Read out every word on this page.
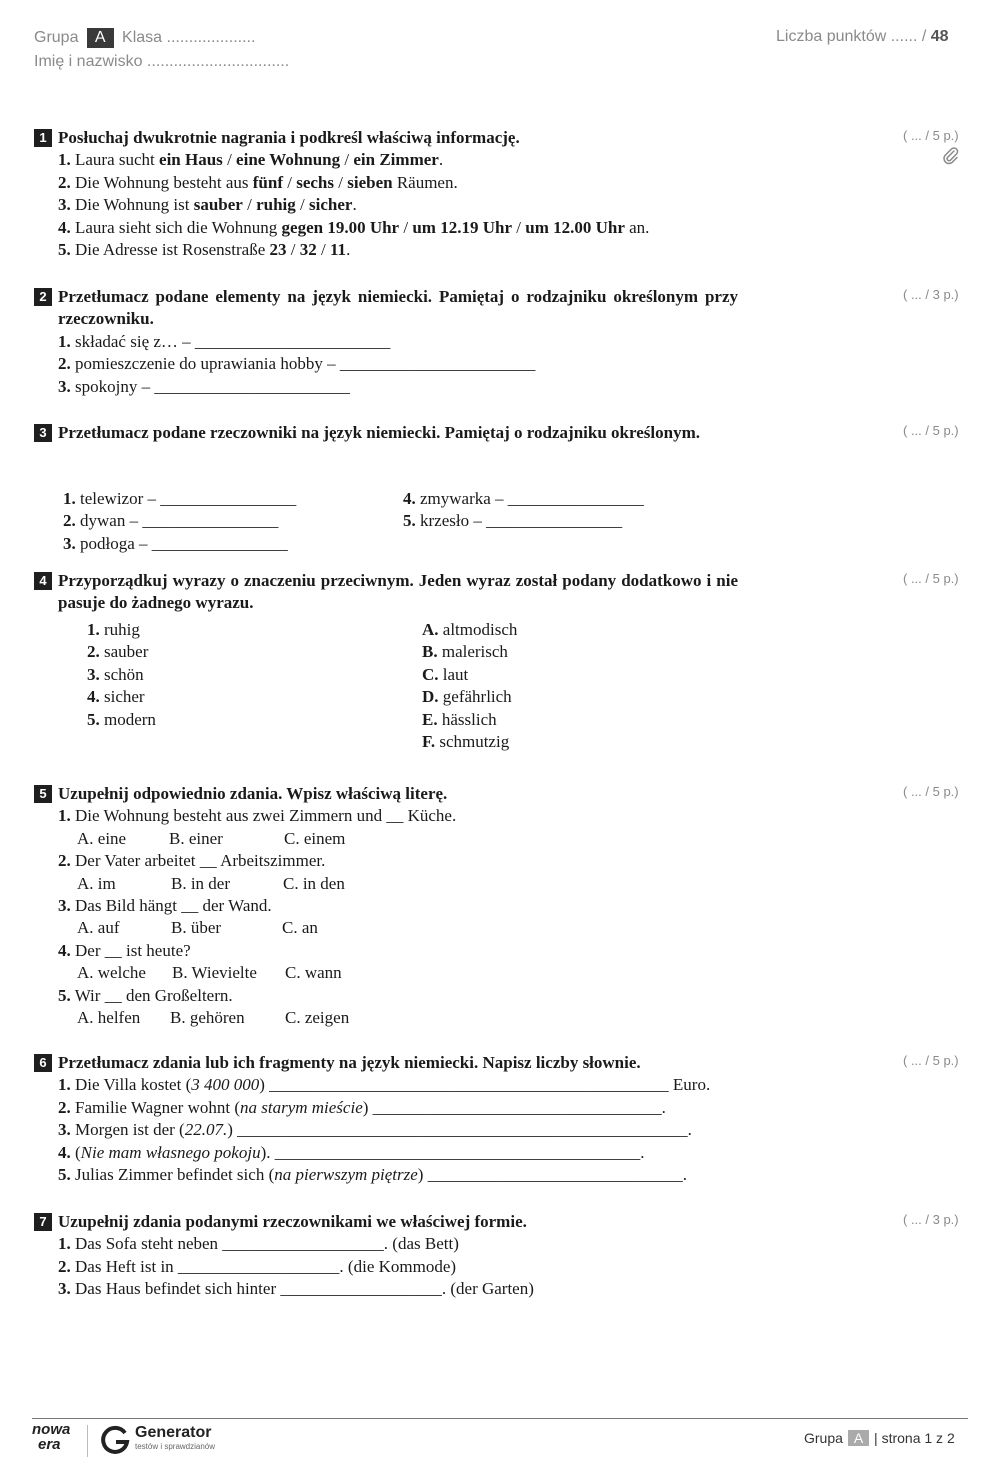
Grupa A Klasa ....................	Liczba punktów ...... / 48
Imię i nazwisko ................................
1 Posłuchaj dwukrotnie nagrania i podkreśl właściwą informację.
1. Laura sucht ein Haus / eine Wohnung / ein Zimmer.
2. Die Wohnung besteht aus fünf / sechs / sieben Räumen.
3. Die Wohnung ist sauber / ruhig / sicher.
4. Laura sieht sich die Wohnung gegen 19.00 Uhr / um 12.19 Uhr / um 12.00 Uhr an.
5. Die Adresse ist Rosenstraße 23 / 32 / 11.
( ... / 5 p.)
2 Przetłumacz podane elementy na język niemiecki. Pamiętaj o rodzajniku określonym przy rzeczowniku.
1. składać się z… – _______________________
2. pomieszczenie do uprawiania hobby – _______________________
3. spokojny – _______________________
( ... / 3 p.)
3 Przetłumacz podane rzeczowniki na język niemiecki. Pamiętaj o rodzajniku określonym.	( ... / 5 p.)
1. telewizor – ________________
2. dywan – ________________
3. podłoga – ________________
4. zmywarka – ________________
5. krzesło – ________________
4 Przyporządkuj wyrazy o znaczeniu przeciwnym. Jeden wyraz został podany dodatkowo i nie pasuje do żadnego wyrazu.
( ... / 5 p.)
1. ruhig
2. sauber
3. schön
4. sicher
5. modern
A. altmodisch
B. malerisch
C. laut
D. gefährlich
E. hässlich
F. schmutzig
5 Uzupełnij odpowiednio zdania. Wpisz właściwą literę.
1. Die Wohnung besteht aus zwei Zimmern und __ Küche.
A. eine	B. einer	C. einem
2. Der Vater arbeitet __ Arbeitszimmer.
A. im	B. in der	C. in den
3. Das Bild hängt __ der Wand.
A. auf	B. über	C. an
4. Der __ ist heute?
A. welche B. Wievielte C. wann
5. Wir __ den Großeltern.
A. helfen B. gehören C. zeigen
( ... / 5 p.)
6 Przetłumacz zdania lub ich fragmenty na język niemiecki. Napisz liczby słownie.
1. Die Villa kostet (3 400 000) _______________________________________________ Euro.
2. Familie Wagner wohnt (na starym mieście) __________________________________.
3. Morgen ist der (22.07.) _____________________________________________________.
4. (Nie mam własnego pokoju). ___________________________________________.
5. Julias Zimmer befindet sich (na pierwszym piętrze) ______________________________.
( ... / 5 p.)
7 Uzupełnij zdania podanymi rzeczownikami we właściwej formie.
1. Das Sofa steht neben ___________________. (das Bett)
2. Das Heft ist in ___________________. (die Kommode)
3. Das Haus befindet sich hinter ___________________. (der Garten)
( ... / 3 p.)
nowa
era
Generator
testów i sprawdzianów
Grupa A | strona 1 z 2
